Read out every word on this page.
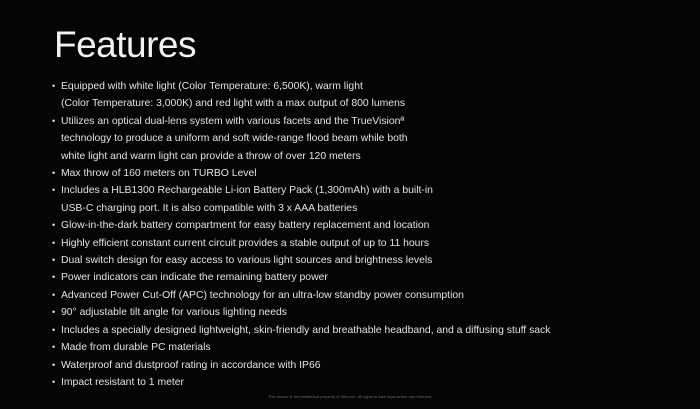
Features
• Equipped with white light (Color Temperature: 6,500K), warm light
(Color Temperature: 3,000K) and red light with a max output of 800 lumens
• Utilizes an optical dual-lens system with various facets and the TrueVisionª
technology to produce a uniform and soft wide-range flood beam while both
white light and warm light can provide a throw of over 120 meters
• Max throw of 160 meters on TURBO Level
• Includes a HLB1300 Rechargeable Li-ion Battery Pack (1,300mAh) with a built-in
USB-C charging port. It is also compatible with 3 x AAA batteries
• Glow-in-the-dark battery compartment for easy battery replacement and location
• Highly efficient constant current circuit provides a stable output of up to 11 hours
• Dual switch design for easy access to various light sources and brightness levels
• Power indicators can indicate the remaining battery power
• Advanced Power Cut-Off (APC) technology for an ultra-low standby power consumption
• 90° adjustable tilt angle for various lighting needs
• Includes a specially designed lightweight, skin-friendly and breathable headband, and a diffusing stuff sack
• Made from durable PC materials
• Waterproof and dustproof rating in accordance with IP66
• Impact resistant to 1 meter
This picture is the intellectual property of Nitecore. All rights to take legal action are reserved.
